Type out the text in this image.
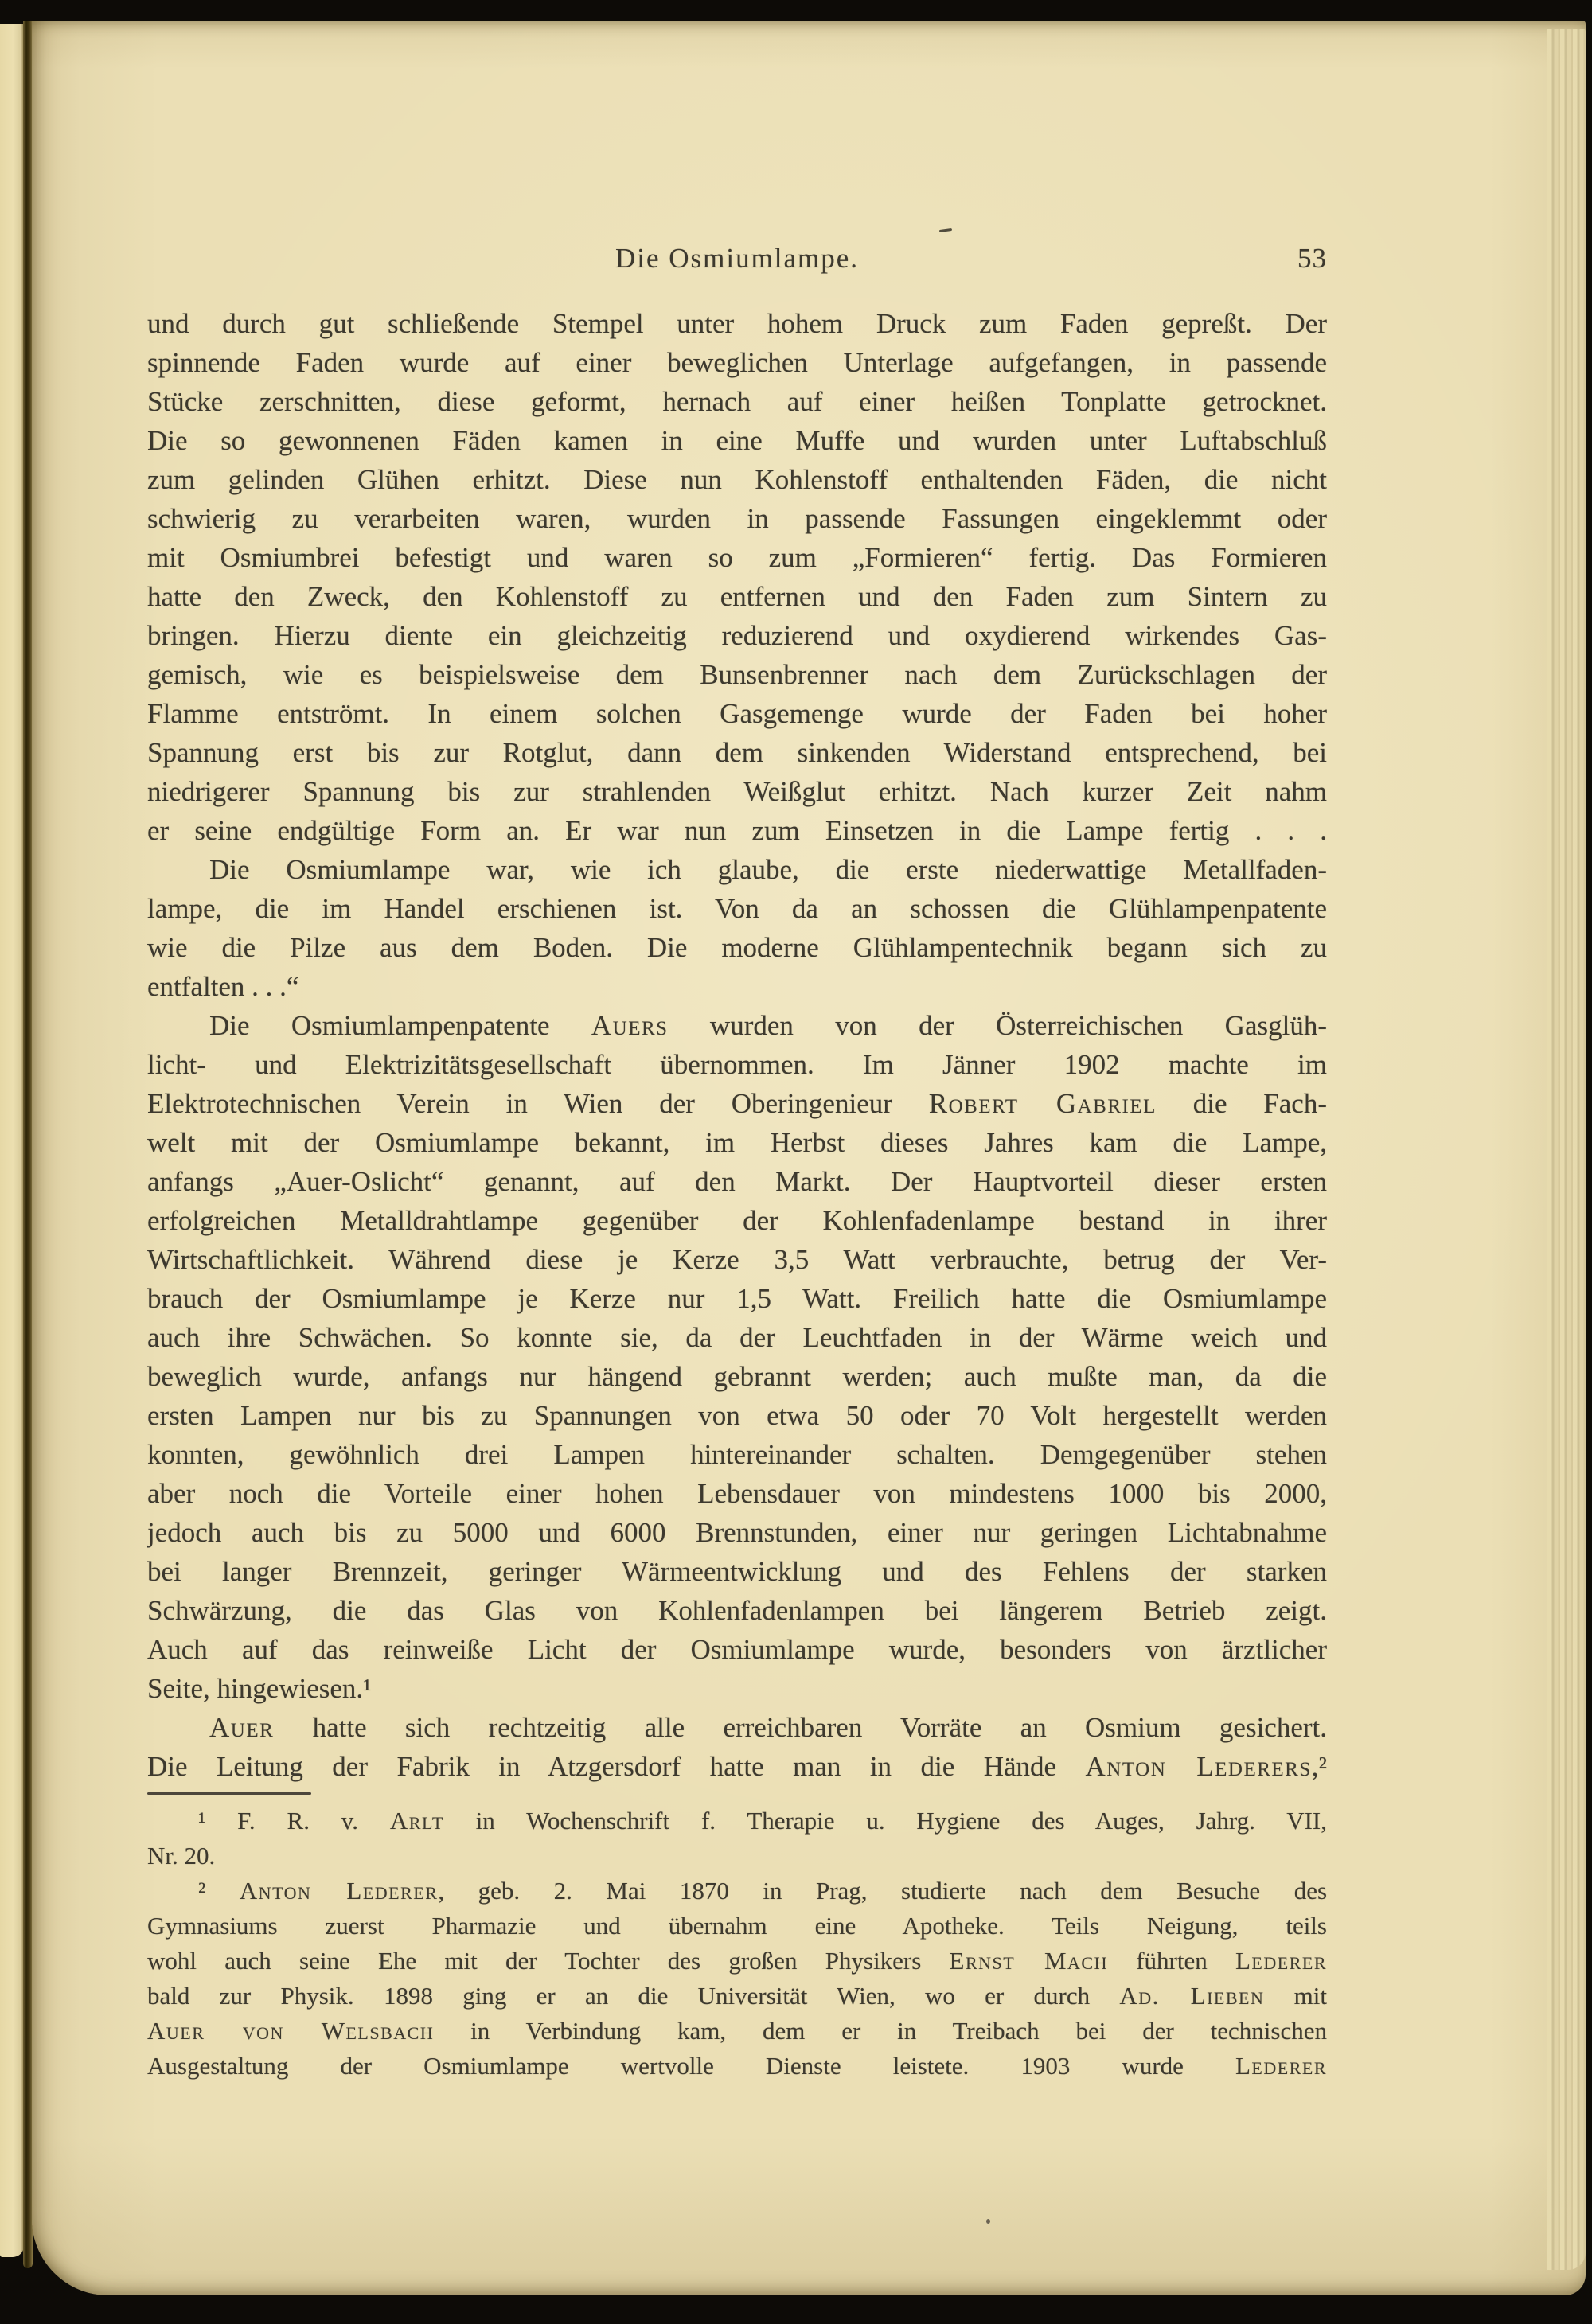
Die Osmiumlampe.	53
und durch gut schließende Stempel unter hohem Druck zum Faden gepreßt. Der
spinnende Faden wurde auf einer beweglichen Unterlage aufgefangen, in passende
Stücke zerschnitten, diese geformt, hernach auf einer heißen Tonplatte getrocknet.
Die so gewonnenen Fäden kamen in eine Muffe und wurden unter Luftabschluß
zum gelinden Glühen erhitzt. Diese nun Kohlenstoff enthaltenden Fäden, die nicht
schwierig zu verarbeiten waren, wurden in passende Fassungen eingeklemmt oder
mit Osmiumbrei befestigt und waren so zum „Formieren“ fertig. Das Formieren
hatte den Zweck, den Kohlenstoff zu entfernen und den Faden zum Sintern zu
bringen. Hierzu diente ein gleichzeitig reduzierend und oxydierend wirkendes Gas-
gemisch, wie es beispielsweise dem Bunsenbrenner nach dem Zurückschlagen der
Flamme entströmt. In einem solchen Gasgemenge wurde der Faden bei hoher
Spannung erst bis zur Rotglut, dann dem sinkenden Widerstand entsprechend, bei
niedrigerer Spannung bis zur strahlenden Weißglut erhitzt. Nach kurzer Zeit nahm
er seine endgültige Form an. Er war nun zum Einsetzen in die Lampe fertig . . .
Die Osmiumlampe war, wie ich glaube, die erste niederwattige Metallfaden-
lampe, die im Handel erschienen ist. Von da an schossen die Glühlampenpatente
wie die Pilze aus dem Boden. Die moderne Glühlampentechnik begann sich zu
entfalten . . .“
Die Osmiumlampenpatente Auers wurden von der Österreichischen Gasglüh-
licht- und Elektrizitätsgesellschaft übernommen. Im Jänner 1902 machte im
Elektrotechnischen Verein in Wien der Oberingenieur Robert Gabriel die Fach-
welt mit der Osmiumlampe bekannt, im Herbst dieses Jahres kam die Lampe,
anfangs „Auer-Oslicht“ genannt, auf den Markt. Der Hauptvorteil dieser ersten
erfolgreichen Metalldrahtlampe gegenüber der Kohlenfadenlampe bestand in ihrer
Wirtschaftlichkeit. Während diese je Kerze 3,5 Watt verbrauchte, betrug der Ver-
brauch der Osmiumlampe je Kerze nur 1,5 Watt. Freilich hatte die Osmiumlampe
auch ihre Schwächen. So konnte sie, da der Leuchtfaden in der Wärme weich und
beweglich wurde, anfangs nur hängend gebrannt werden; auch mußte man, da die
ersten Lampen nur bis zu Spannungen von etwa 50 oder 70 Volt hergestellt werden
konnten, gewöhnlich drei Lampen hintereinander schalten. Demgegenüber stehen
aber noch die Vorteile einer hohen Lebensdauer von mindestens 1000 bis 2000,
jedoch auch bis zu 5000 und 6000 Brennstunden, einer nur geringen Lichtabnahme
bei langer Brennzeit, geringer Wärmeentwicklung und des Fehlens der starken
Schwärzung, die das Glas von Kohlenfadenlampen bei längerem Betrieb zeigt.
Auch auf das reinweiße Licht der Osmiumlampe wurde, besonders von ärztlicher
Seite, hingewiesen.¹
Auer hatte sich rechtzeitig alle erreichbaren Vorräte an Osmium gesichert.
Die Leitung der Fabrik in Atzgersdorf hatte man in die Hände Anton Lederers,²
¹ F. R. v. Arlt in Wochenschrift f. Therapie u. Hygiene des Auges, Jahrg. VII,
Nr. 20.
² Anton Lederer, geb. 2. Mai 1870 in Prag, studierte nach dem Besuche des
Gymnasiums zuerst Pharmazie und übernahm eine Apotheke. Teils Neigung, teils
wohl auch seine Ehe mit der Tochter des großen Physikers Ernst Mach führten Lederer
bald zur Physik. 1898 ging er an die Universität Wien, wo er durch Ad. Lieben mit
Auer von Welsbach in Verbindung kam, dem er in Treibach bei der technischen
Ausgestaltung der Osmiumlampe wertvolle Dienste leistete. 1903 wurde Lederer
